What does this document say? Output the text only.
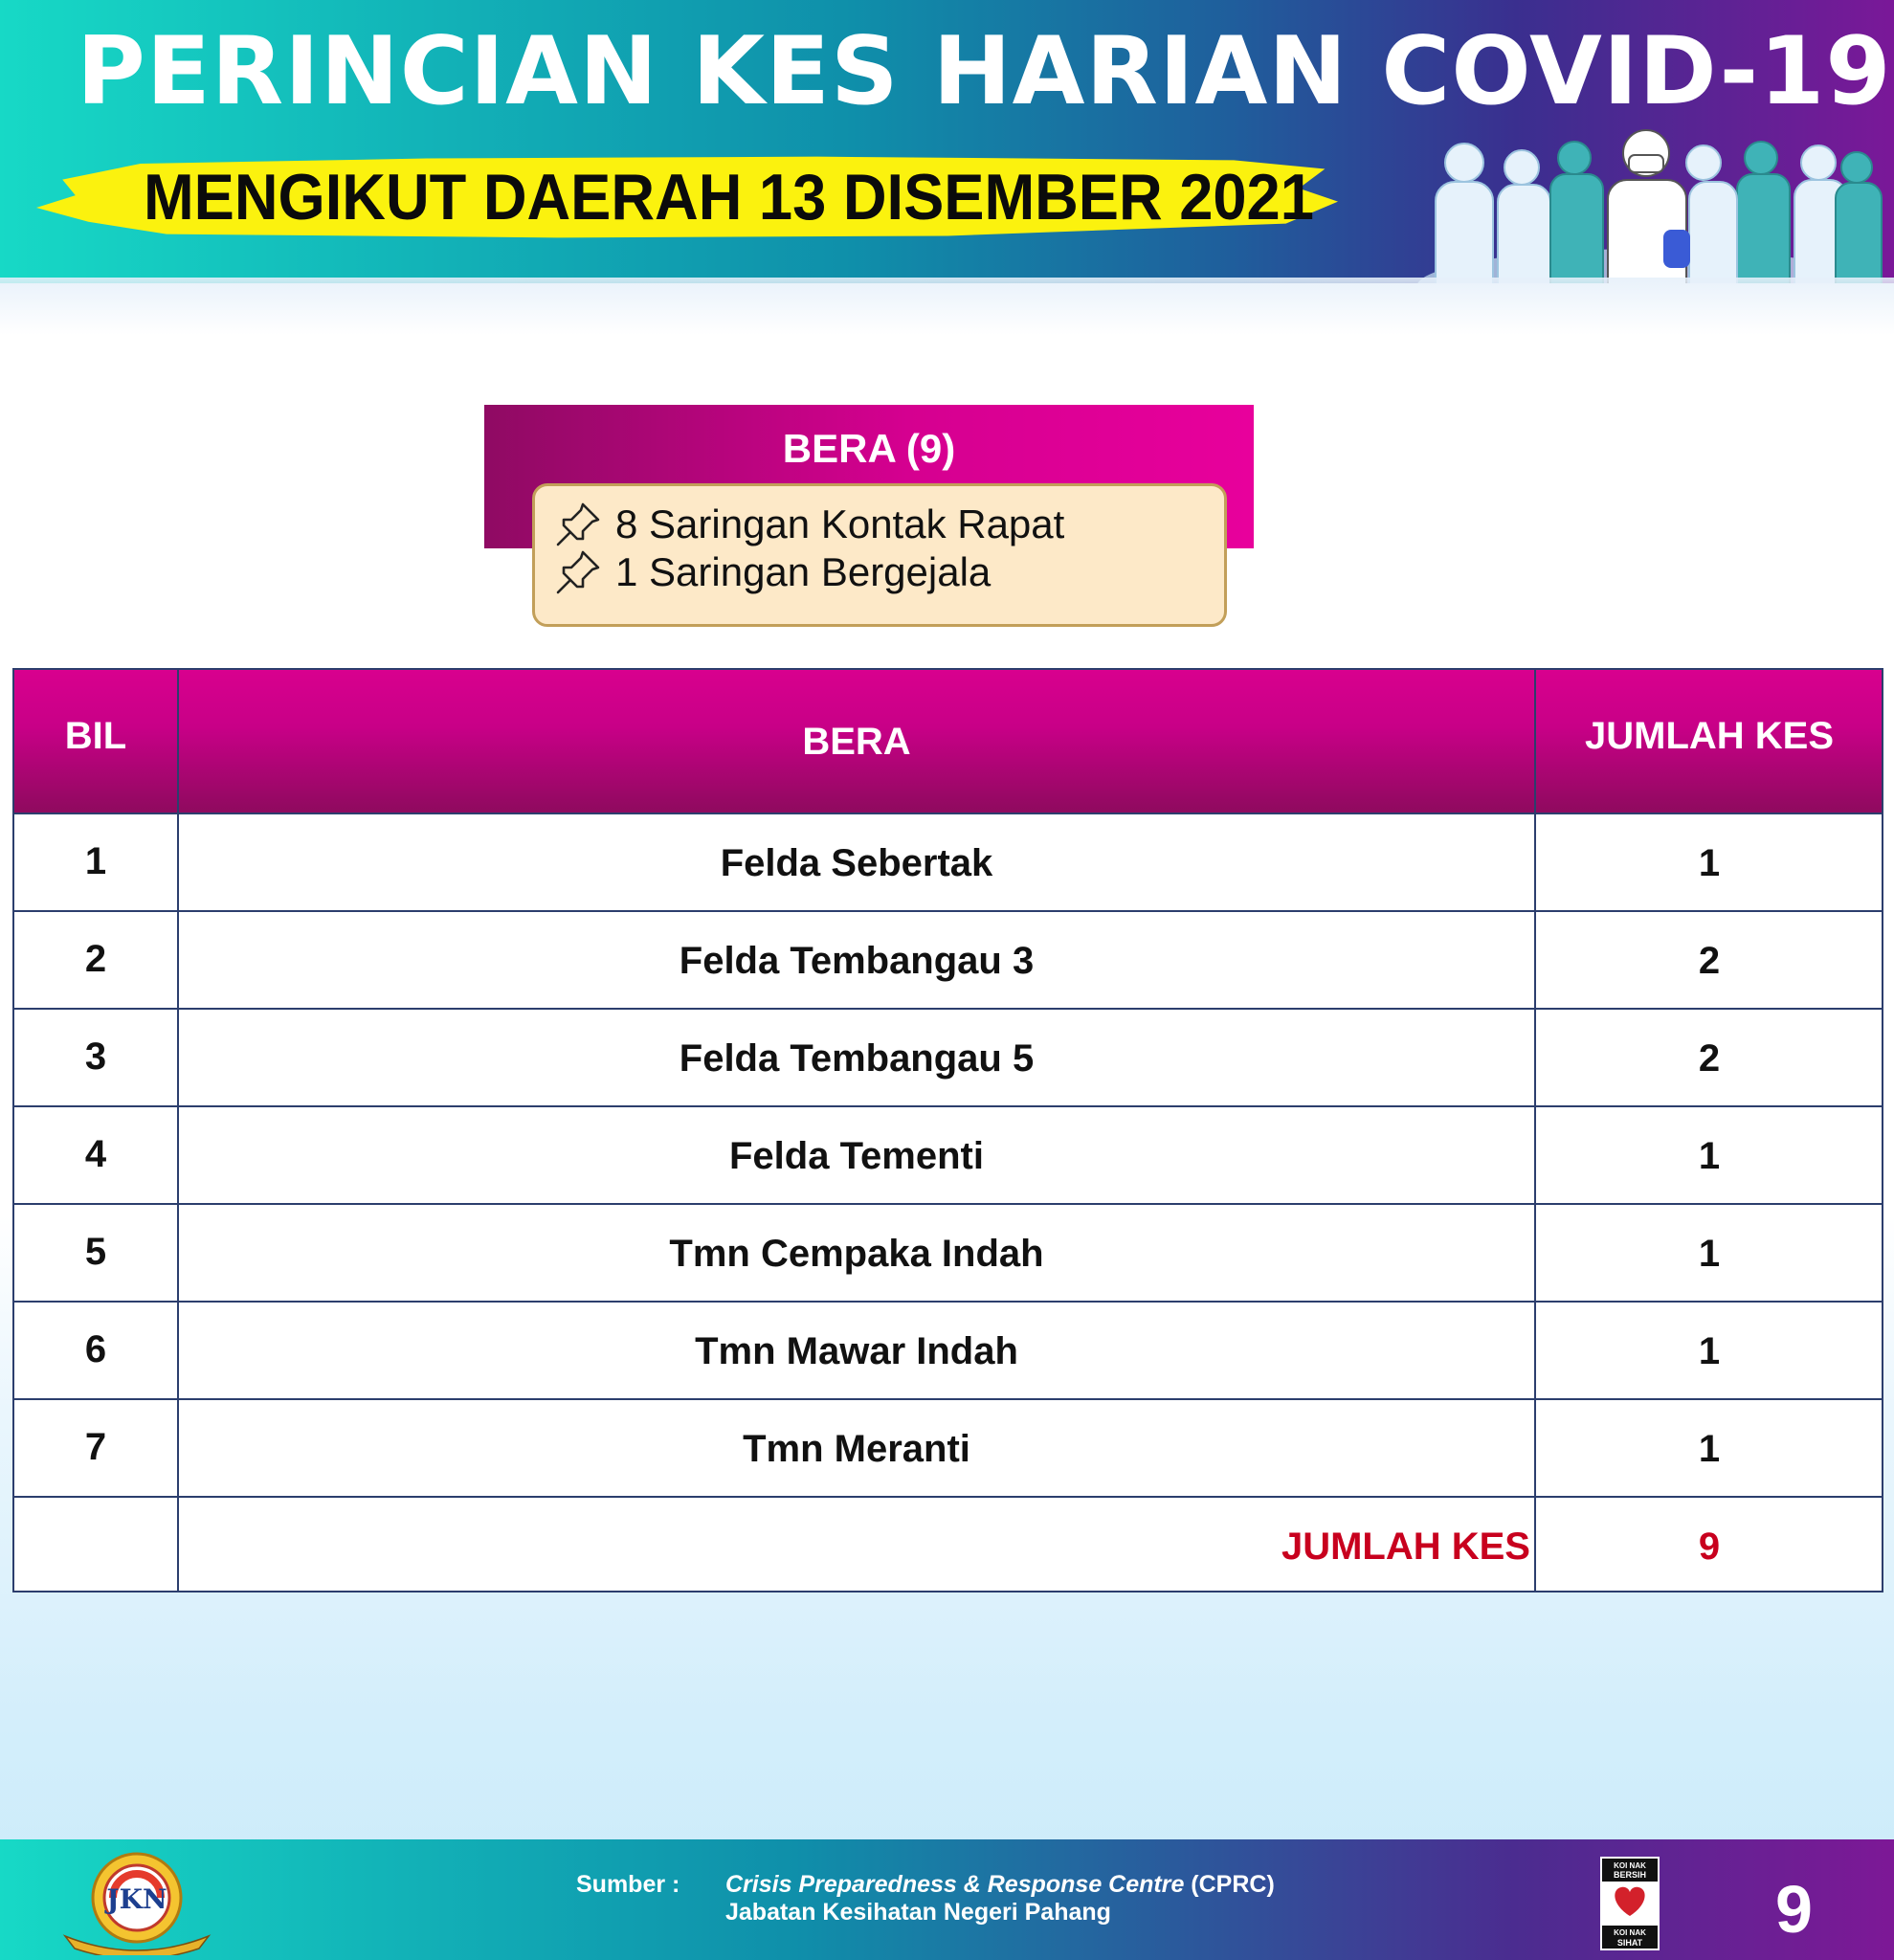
PERINCIAN KES HARIAN COVID-19
MENGIKUT DAERAH 13 DISEMBER 2021
BERA (9)
8 Saringan Kontak Rapat
1 Saringan Bergejala
BIL	BERA	JUMLAH KES
1	Felda Sebertak	1
2	Felda Tembangau 3	2
3	Felda Tembangau 5	2
4	Felda Tementi	1
5	Tmn Cempaka Indah	1
6	Tmn Mawar Indah	1
7	Tmn Meranti	1
JUMLAH KES	9
JKN	Sumber : Crisis Preparedness & Response Centre (CPRC)
Jabatan Kesihatan Negeri Pahang
KOI NAK
BERSIH
KOI NAK
SIHAT 9
